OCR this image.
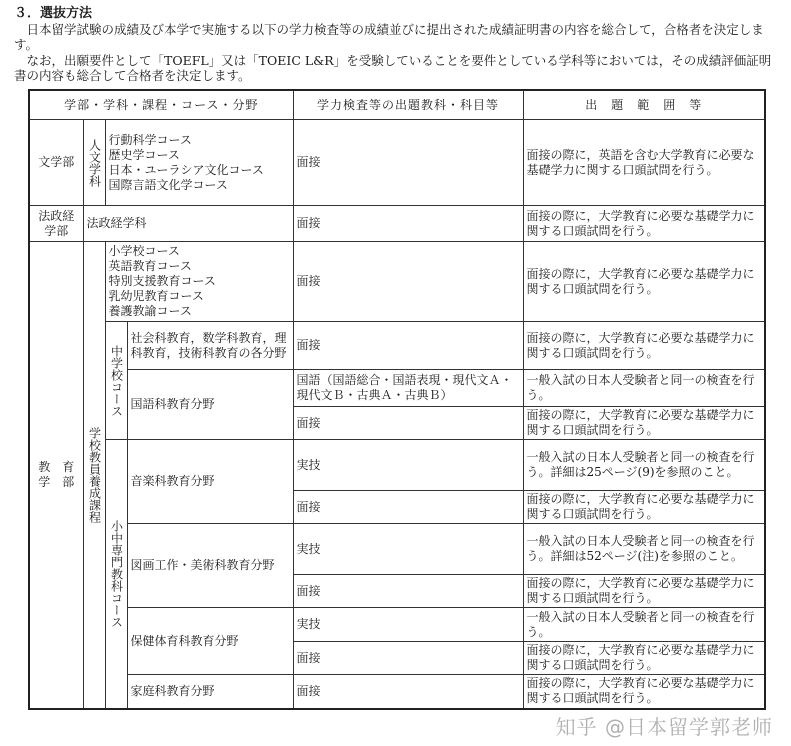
３．選抜方法

　日本留学試験の成績及び本学で実施する以下の学力検査等の成績並びに提出された成績証明書の内容を総合して，合格者を決定します。

　なお，出願要件として「TOEFL」又は「TOEIC L&R」を受験していることを要件としている学科等においては，その成績評価証明書の内容も総合して合格者を決定します。

学部・学科・課程・コース・分野				学力検査等の出題教科・科目等	出　題　範　囲　等
文学部	人文学科	行動科学コース
歴史学コース
日本・ユーラシア文化コース
国際言語文化学コース		面接	面接の際に，英語を含む大学教育に必要な基礎学力に関する口頭試問を行う。
法政経学部	法政経学科			面接	面接の際に，大学教育に必要な基礎学力に関する口頭試問を行う。
教　育
学　部	学校教員養成課程	小学校コース
英語教育コース
特別支援教育コース
乳幼児教育コース
養護教諭コース		面接	面接の際に，大学教育に必要な基礎学力に関する口頭試問を行う。
		中学校コース	社会科教育，数学科教育，理科教育，技術科教育の各分野	面接	面接の際に，大学教育に必要な基礎学力に関する口頭試問を行う。
			国語科教育分野	国語（国語総合・国語表現・現代文Ａ・現代文Ｂ・古典Ａ・古典Ｂ）	一般入試の日本人受験者と同一の検査を行う。
				面接	面接の際に，大学教育に必要な基礎学力に関する口頭試問を行う。
		小中専門教科コース	音楽科教育分野	実技	一般入試の日本人受験者と同一の検査を行う。詳細は25ページ(9)を参照のこと。
				面接	面接の際に，大学教育に必要な基礎学力に関する口頭試問を行う。
			図画工作・美術科教育分野	実技	一般入試の日本人受験者と同一の検査を行う。詳細は52ページ(注)を参照のこと。
				面接	面接の際に，大学教育に必要な基礎学力に関する口頭試問を行う。
			保健体育科教育分野	実技	一般入試の日本人受験者と同一の検査を行う。
				面接	面接の際に，大学教育に必要な基礎学力に関する口頭試問を行う。
			家庭科教育分野	面接	面接の際に，大学教育に必要な基礎学力に関する口頭試問を行う。
知乎 @日本留学郭老师
